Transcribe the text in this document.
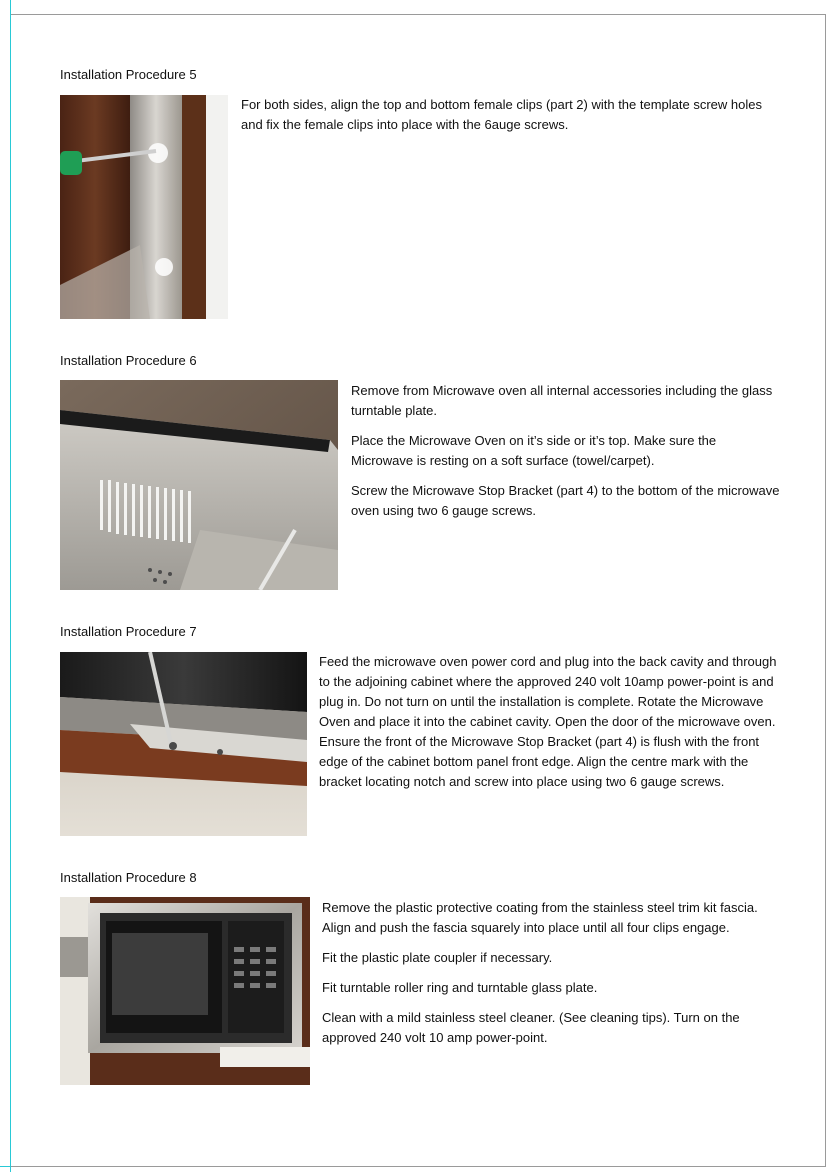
Installation Procedure 5

For both sides, align the top and bottom female clips (part 2) with the template screw holes and fix the female clips into place with the 6auge screws.

Installation Procedure 6

Remove from Microwave oven all internal accessories including the glass turntable plate.

Place the Microwave Oven on it’s side or it’s top. Make sure the Microwave is resting on a soft surface (towel/carpet).

Screw the Microwave Stop Bracket (part 4) to the bottom of the microwave oven using two 6 gauge screws.

Installation Procedure 7

Feed the microwave oven power cord and plug into the back cavity and through to the adjoining cabinet where the approved 240 volt 10amp power-point is and plug in. Do not turn on until the installation is complete. Rotate the Microwave Oven and place it into the cabinet cavity. Open the door of the microwave oven. Ensure the front of the Microwave Stop Bracket (part 4) is flush with the front edge of the cabinet bottom panel front edge. Align the centre mark with the bracket locating notch and screw into place using two 6 gauge screws.

Installation Procedure 8

Remove the plastic protective coating from the stainless steel trim kit fascia. Align and push the fascia squarely into place until all four clips engage.

Fit the plastic plate coupler if necessary.

Fit turntable roller ring and turntable glass plate.

Clean with a mild stainless steel cleaner. (See cleaning tips). Turn on the approved 240 volt 10 amp power-point.
